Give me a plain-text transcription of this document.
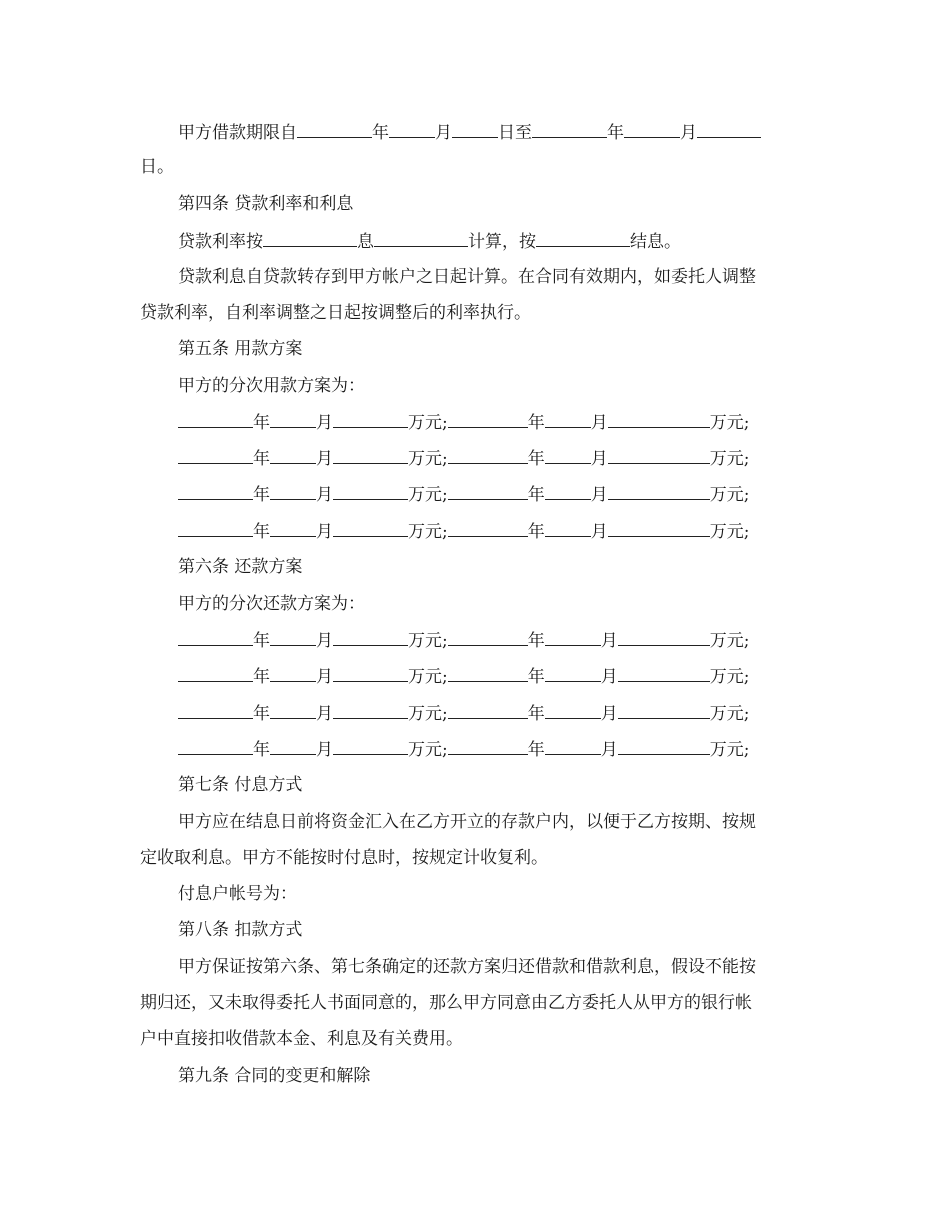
甲方借款期限自	年	月	日至	年	月
日。
第四条 贷款利率和利息
贷款利率按	息	计算，按	结息。
贷款利息自贷款转存到甲方帐户之日起计算。在合同有效期内，如委托人调整
贷款利率，自利率调整之日起按调整后的利率执行。
第五条 用款方案
甲方的分次用款方案为：
年	月	万元;	年	月	万元;
年	月	万元;	年	月	万元;
年	月	万元;	年	月	万元;
年	月	万元;	年	月	万元;
第六条 还款方案
甲方的分次还款方案为：
年	月	万元;	年	月	万元;
年	月	万元;	年	月	万元;
年	月	万元;	年	月	万元;
年	月	万元;	年	月	万元;
第七条 付息方式
甲方应在结息日前将资金汇入在乙方开立的存款户内，以便于乙方按期、按规
定收取利息。甲方不能按时付息时，按规定计收复利。
付息户帐号为：
第八条 扣款方式
甲方保证按第六条、第七条确定的还款方案归还借款和借款利息，假设不能按
期归还，又未取得委托人书面同意的，那么甲方同意由乙方委托人从甲方的银行帐
户中直接扣收借款本金、利息及有关费用。
第九条 合同的变更和解除
